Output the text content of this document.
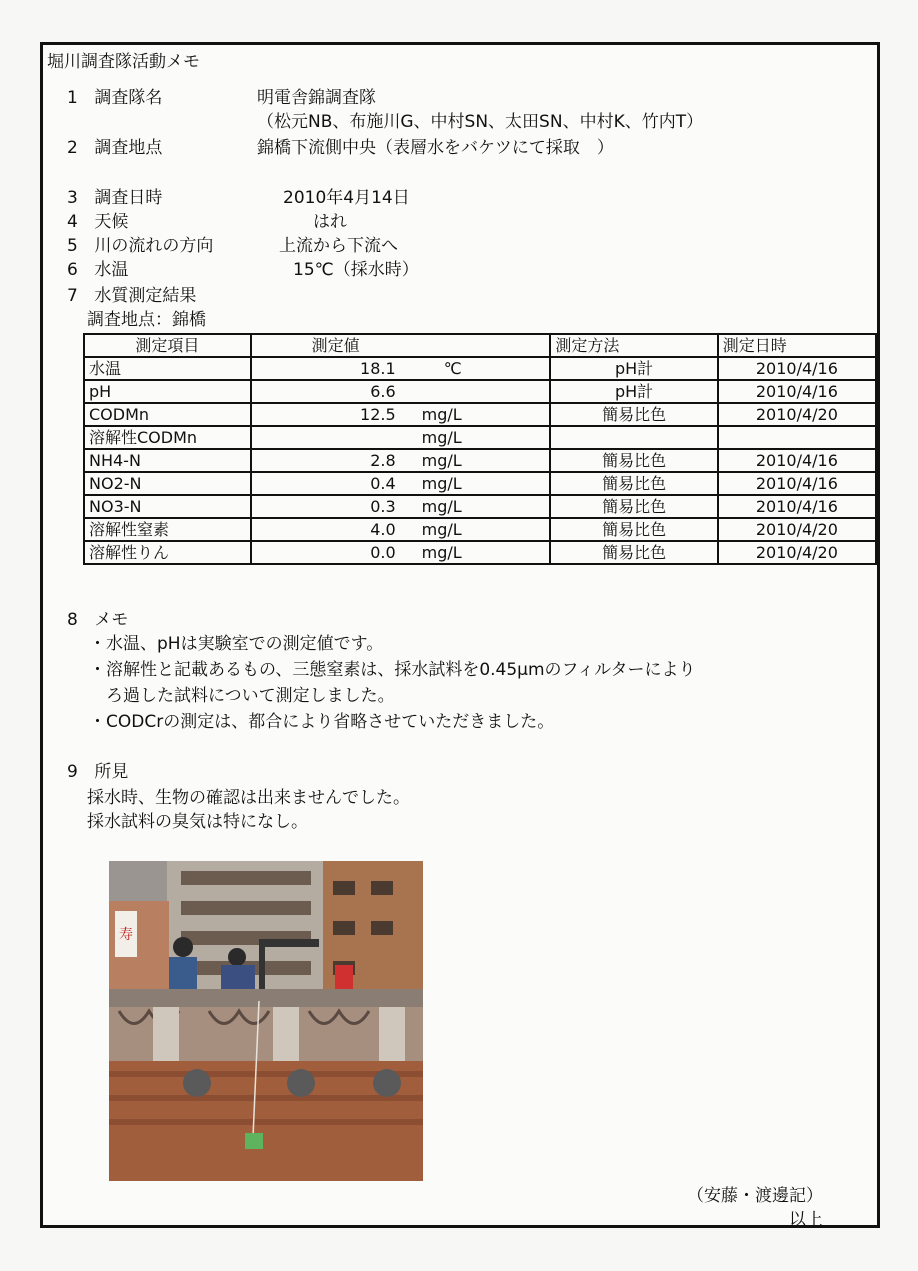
堀川調査隊活動メモ
1 調査隊名	明電舎錦調査隊
（松元NB、布施川G、中村SN、太田SN、中村K、竹内T）
2 調査地点	錦橋下流側中央（表層水をバケツにて採取　）
3 調査日時	2010年4月14日
4 天候	はれ
5 川の流れの方向	上流から下流へ
6 水温	15℃（採水時）
7 水質測定結果
調査地点：錦橋
測定項目	測定値	測定方法	測定日時
水温	18.1 ℃	pH計	2010/4/16
pH	6.6	pH計	2010/4/16
CODMn	12.5 mg/L	簡易比色	2010/4/20
溶解性CODMn	mg/L		
NH4-N	2.8 mg/L	簡易比色	2010/4/16
NO2-N	0.4 mg/L	簡易比色	2010/4/16
NO3-N	0.3 mg/L	簡易比色	2010/4/16
溶解性窒素	4.0 mg/L	簡易比色	2010/4/20
溶解性りん	0.0 mg/L	簡易比色	2010/4/20
8 メモ
・水温、pHは実験室での測定値です。
・溶解性と記載あるもの、三態窒素は、採水試料を0.45μmのフィルターにより
　ろ過した試料について測定しました。
・CODCrの測定は、都合により省略させていただきました。
9 所見
採水時、生物の確認は出来ませんでした。
採水試料の臭気は特になし。
寿
（安藤・渡邊記）
以上
